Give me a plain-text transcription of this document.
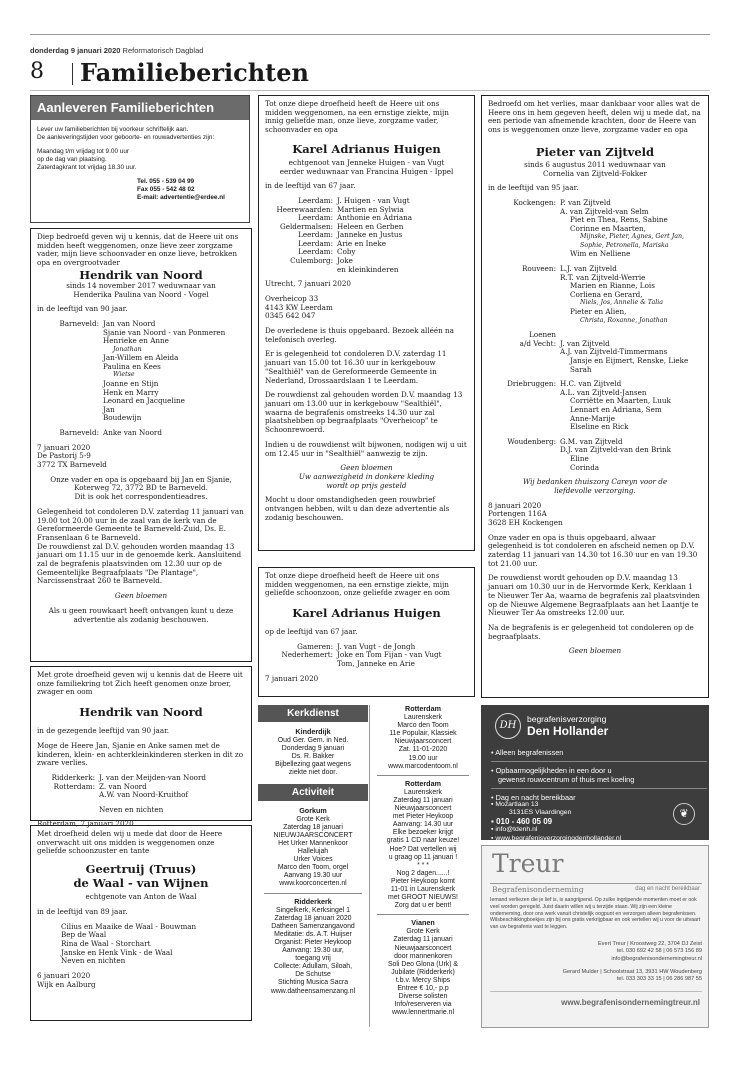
donderdag 9 januari 2020 Reformatorisch Dagblad
8 Familieberichten
Aanleveren Familieberichten

Lever uw familieberichten bij voorkeur schriftelijk aan.

De aanleveringstijden voor geboorte- en rouwadvertenties zijn:

Maandag t/m vrijdag tot 9.00 uur

op de dag van plaatsing.

Zaterdagkrant tot vrijdag 18.30 uur.

Tel. 055 - 539 04 99

Fax 055 - 542 48 02

E-mail: advertentie@erdee.nl

Diep bedroefd geven wij u kennis, dat de Heere uit ons midden heeft weggenomen, onze lieve zeer zorgzame vader, mijn lieve schoonvader en onze lieve, betrokken opa en overgrootvader

Hendrik van Noord

sinds 14 november 2017 weduwnaar van

Henderika Paulina van Noord - Vogel

in de leeftijd van 90 jaar.

Barneveld: Jan van Noord
Sjanie van Noord - van Ponmeren
Henrieke en Anne
Jonathan
Jan-Willem en Aleida
Paulina en Kees
Wietse
Joanne en Stijn
Henk en Marry
Leonard en Jacqueline
Jan
Boudewijn
Barneveld: Anke van Noord

7 januari 2020

De Pastorij 5-9

3772 TX Barneveld

Onze vader en opa is opgebaard bij Jan en Sjanie, Koterweg 72, 3772 BD te Barneveld.

Dit is ook het correspondentieadres.

Gelegenheid tot condoleren D.V. zaterdag 11 januari van 19.00 tot 20.00 uur in de zaal van de kerk van de Gereformeerde Gemeente te Barneveld-Zuid, Ds. E. Fransenlaan 6 te Barneveld.

De rouwdienst zal D.V. gehouden worden maandag 13 januari om 11.15 uur in de genoemde kerk. Aansluitend zal de begrafenis plaatsvinden om 12.30 uur op de Gemeentelijke Begraafplaats "De Plantage", Narcissenstraat 260 te Barneveld.

Geen bloemen

Als u geen rouwkaart heeft ontvangen kunt u deze advertentie als zodanig beschouwen.

Met grote droefheid geven wij u kennis dat de Heere uit onze familiekring tot Zich heeft genomen onze broer, zwager en oom

Hendrik van Noord

in de gezegende leeftijd van 90 jaar.

Moge de Heere Jan, Sjanie en Anke samen met de kinderen, klein- en achterkleinkinderen sterken in dit zo zware verlies.

Ridderkerk: J. van der Meijden-van Noord
Rotterdam: Z. van Noord
A.W. van Noord-Kruithof

Neven en nichten

Rotterdam, 7 januari 2020

Met droefheid delen wij u mede dat door de Heere onverwacht uit ons midden is weggenomen onze geliefde schoonzuster en tante

Geertruij (Truus)

de Waal - van Wijnen

echtgenote van Anton de Waal

in de leeftijd van 89 jaar.

Cilius en Maaike de Waal - Bouwman

Bep de Waal

Rina de Waal - Storchart

Janske en Henk Vink - de Waal

Neven en nichten

6 januari 2020

Wijk en Aalburg

Tot onze diepe droefheid heeft de Heere uit ons midden weggenomen, na een ernstige ziekte, mijn innig geliefde man, onze lieve, zorgzame vader, schoonvader en opa

Karel Adrianus Huigen

echtgenoot van Jenneke Huigen - van Vugt

eerder weduwnaar van Francina Huigen - Ippel

in de leeftijd van 67 jaar.

Leerdam: J. Huigen - van Vugt
Heerewaarden: Martien en Sylwia
Leerdam: Anthonie en Adriana
Geldermalsen: Heleen en Gerben
Leerdam: Janneke en Justus
Leerdam: Arie en Ineke
Leerdam: Coby
Culemborg: Joke
en kleinkinderen

Utrecht, 7 januari 2020

Overheicop 33

4143 KW Leerdam

0345 642 047

De overledene is thuis opgebaard. Bezoek alléén na telefonisch overleg.

Er is gelegenheid tot condoleren D.V. zaterdag 11 januari van 15.00 tot 16.30 uur in kerkgebouw "Sealthiël" van de Gereformeerde Gemeente in Nederland, Drossaardslaan 1 te Leerdam.

De rouwdienst zal gehouden worden D.V. maandag 13 januari om 13.00 uur in kerkgebouw "Sealthiël", waarna de begrafenis omstreeks 14.30 uur zal plaatshebben op begraafplaats "Overheicop" te Schoonrewoerd.

Indien u de rouwdienst wilt bijwonen, nodigen wij u uit om 12.45 uur in "Sealthiël" aanwezig te zijn.

Geen bloemen

Uw aanwezigheid in donkere kleding

wordt op prijs gesteld

Mocht u door omstandigheden geen rouwbrief ontvangen hebben, wilt u dan deze advertentie als zodanig beschouwen.

Tot onze diepe droefheid heeft de Heere uit ons midden weggenomen, na een ernstige ziekte, mijn geliefde schoonzoon, onze geliefde zwager en oom

Karel Adrianus Huigen

op de leeftijd van 67 jaar.

Gameren: J. van Vugt - de Jongh
Nederhemert: Joke en Tom Fijan - van Vugt
Tom, Janneke en Arie

7 januari 2020

Bedroefd om het verlies, maar dankbaar voor alles wat de Heere ons in hem gegeven heeft, delen wij u mede dat, na een periode van afnemende krachten, door de Heere van ons is weggenomen onze lieve, zorgzame vader en opa

Pieter van Zijtveld

sinds 6 augustus 2011 weduwnaar van

Cornelia van Zijtveld-Fokker

in de leeftijd van 95 jaar.

Kockengen: P. van Zijtveld
A. van Zijtveld-van Selm
Piet en Thea, Rens, Sabine
Corinne en Maarten,
Mijnske, Pieter, Agnes, Gert Jan,
Sophie, Petronella, Mariska
Wim en Nelliene
Rouveen: L.J. van Zijtveld
R.T. van Zijtveld-Werrie
Marien en Rianne, Lois
Corliena en Gerard,
Niels, Jos, Annelie & Talia
Pieter en Alien,
Christa, Roxanne, Jonathan
Loenen
a/d Vecht: J. van Zijtveld
A.J. van Zijtveld-Timmermans
Jansje en Eijmert, Renske, Lieke
Sarah
Driebruggen: H.C. van Zijtveld
A.L. van Zijtveld-Jansen
Corriëtte en Maarten, Luuk
Lennart en Adriana, Sem
Anne-Marije
Elseline en Rick
Woudenberg: G.M. van Zijtveld
D.J. van Zijtveld-van den Brink
Eline
Corinda

Wij bedanken thuiszorg Careyn voor de

liefdevolle verzorging.

8 januari 2020

Portengen 116A

3628 EH Kockengen

Onze vader en opa is thuis opgebaard, alwaar gelegenheid is tot condoleren en afscheid nemen op D.V. zaterdag 11 januari van 14.30 tot 16.30 uur en van 19.30 tot 21.00 uur.

De rouwdienst wordt gehouden op D.V. maandag 13 januari om 10.30 uur in de Hervormde Kerk, Kerklaan 1 te Nieuwer Ter Aa, waarna de begrafenis zal plaatsvinden op de Nieuwe Algemene Begraafplaats aan het Laantje te Nieuwer Ter Aa omstreeks 12.00 uur.

Na de begrafenis is er gelegenheid tot condoleren op de begraafplaats.

Geen bloemen

Kerkdienst
Kinderdijk
Oud Ger. Gem. in Ned.
Donderdag 9 januari
Ds. R. Bakker
Bijbellezing gaat wegens
ziekte niet door.
Activiteit
Gorkum
Grote Kerk
Zaterdag 18 januari
NIEUWJAARSCONCERT
Het Urker Mannenkoor
Hallelujah
Urker Voices
Marco den Toom, orgel
Aanvang 19.30 uur
www.koorconcerten.nl
Ridderkerk
Singelkerk, Kerksingel 1
Zaterdag 18 januari 2020
Datheen Samenzangavond
Meditatie: ds. A.T. Huijser
Organist: Pieter Heykoop
Aanvang: 19.30 uur,
toegang vrij
Collecte: Adullam, Siloah,
De Schutse
Stichting Musica Sacra
www.datheensamenzang.nl
Rotterdam
Laurenskerk
Marco den Toom
11e Populair, Klassiek
Nieuwjaarsconcert
Zat. 11-01-2020
19.00 uur
www.marcodentoom.nl
Rotterdam
Laurenskerk
Zaterdag 11 januari
Nieuwjaarsconcert
met Pieter Heykoop
Aanvang: 14.30 uur
Elke bezoeker krijgt
gratis 1 CD naar keuze!
Hoe? Dat vertellen wij
u graag op 11 januari !
* * *
Nog 2 dagen......!
Pieter Heykoop komt
11-01 in Laurenskerk
met GROOT NIEUWS!
Zorg dat u er bent!
Vianen
Grote Kerk
Zaterdag 11 januari
Nieuwjaarsconcert
door mannenkoren
Soli Deo Glona (Urk) &
Jubilate (Ridderkerk)
t.b.v. Mercy Ships
Entree € 10,- p.p
Diverse solisten
Info/reserveren via
www.lennertmarie.nl
DH
begrafenisverzorging
Den Hollander

• Alleen begrafenissen

• Opbaarmogelijkheden in een door u

gewenst rouwcentrum of thuis met koeling

• Dag en nacht bereikbaar

▪ Mozartlaan 13

3131ES Vlaardingen

▪ 010 - 460 05 09

▪ info@tdenh.nl

▪ www.begrafenisverzorgingdenhollander.nl

❦
Treur
Begrafenisonderneming	dag en nacht bereikbaar
Iemand verliezen die je lief is, is aangrijpend. Op zulke ingrijpende momenten moet er ook veel worden geregeld. Juist daarin willen wij u terzijde staan. Wij zijn een kleine onderneming, door ons werk vanuit christelijk oogpunt en verzorgen alleen begrafenissen. Wilsbeschikkingboekjes zijn bij ons gratis verkrijgbaar en ook vertellen wij u voor de uitvaart van uw begrafenis vast te leggen.

Evert Treur | Kroostweg 22, 3704 DJ Zeist

tel. 030 692 42 58 | 06 573 156 89

info@begrafenisondernemingtreur.nl

Gerard Mulder | Schoolstraat 13, 3931 HW Woudenberg

tel. 033 303 33 15 | 06 286 987 55

www.begrafenisondernemingtreur.nl
